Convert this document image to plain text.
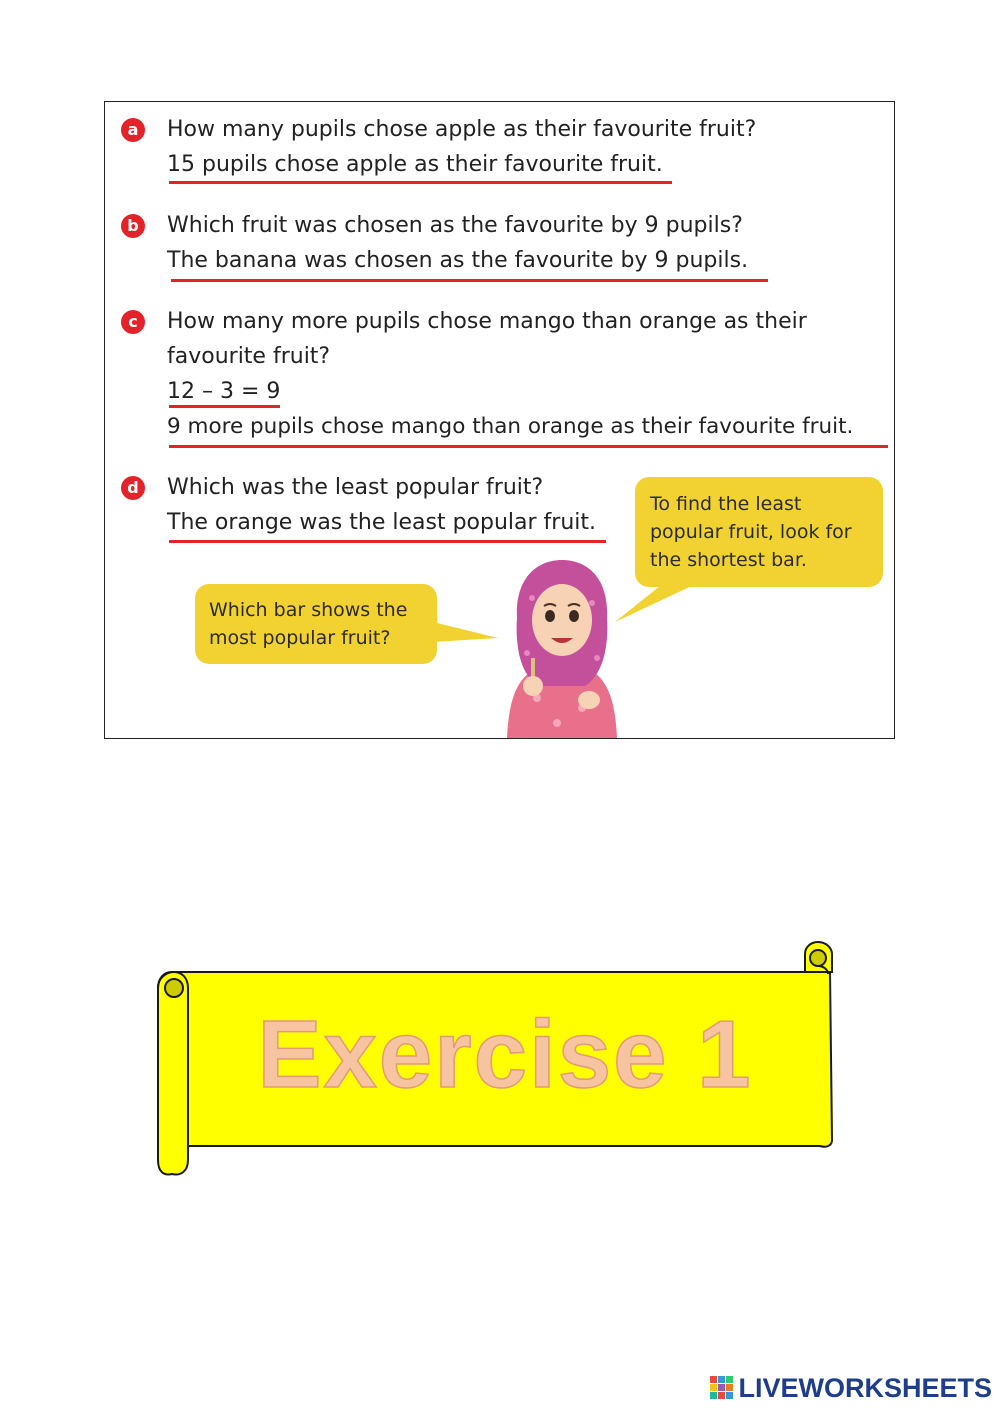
a	How many pupils chose apple as their favourite fruit?
15 pupils chose apple as their favourite fruit.
b Which fruit was chosen as the favourite by 9 pupils?
The banana was chosen as the favourite by 9 pupils.
c	How many more pupils chose mango than orange as their
favourite fruit?
12 – 3 = 9
9 more pupils chose mango than orange as their favourite fruit.
d Which was the least popular fruit?
The orange was the least popular fruit.
To find the least
popular fruit, look for
the shortest bar.
Which bar shows the
most popular fruit?
Exercise 1
LIVEWORKSHEETS
